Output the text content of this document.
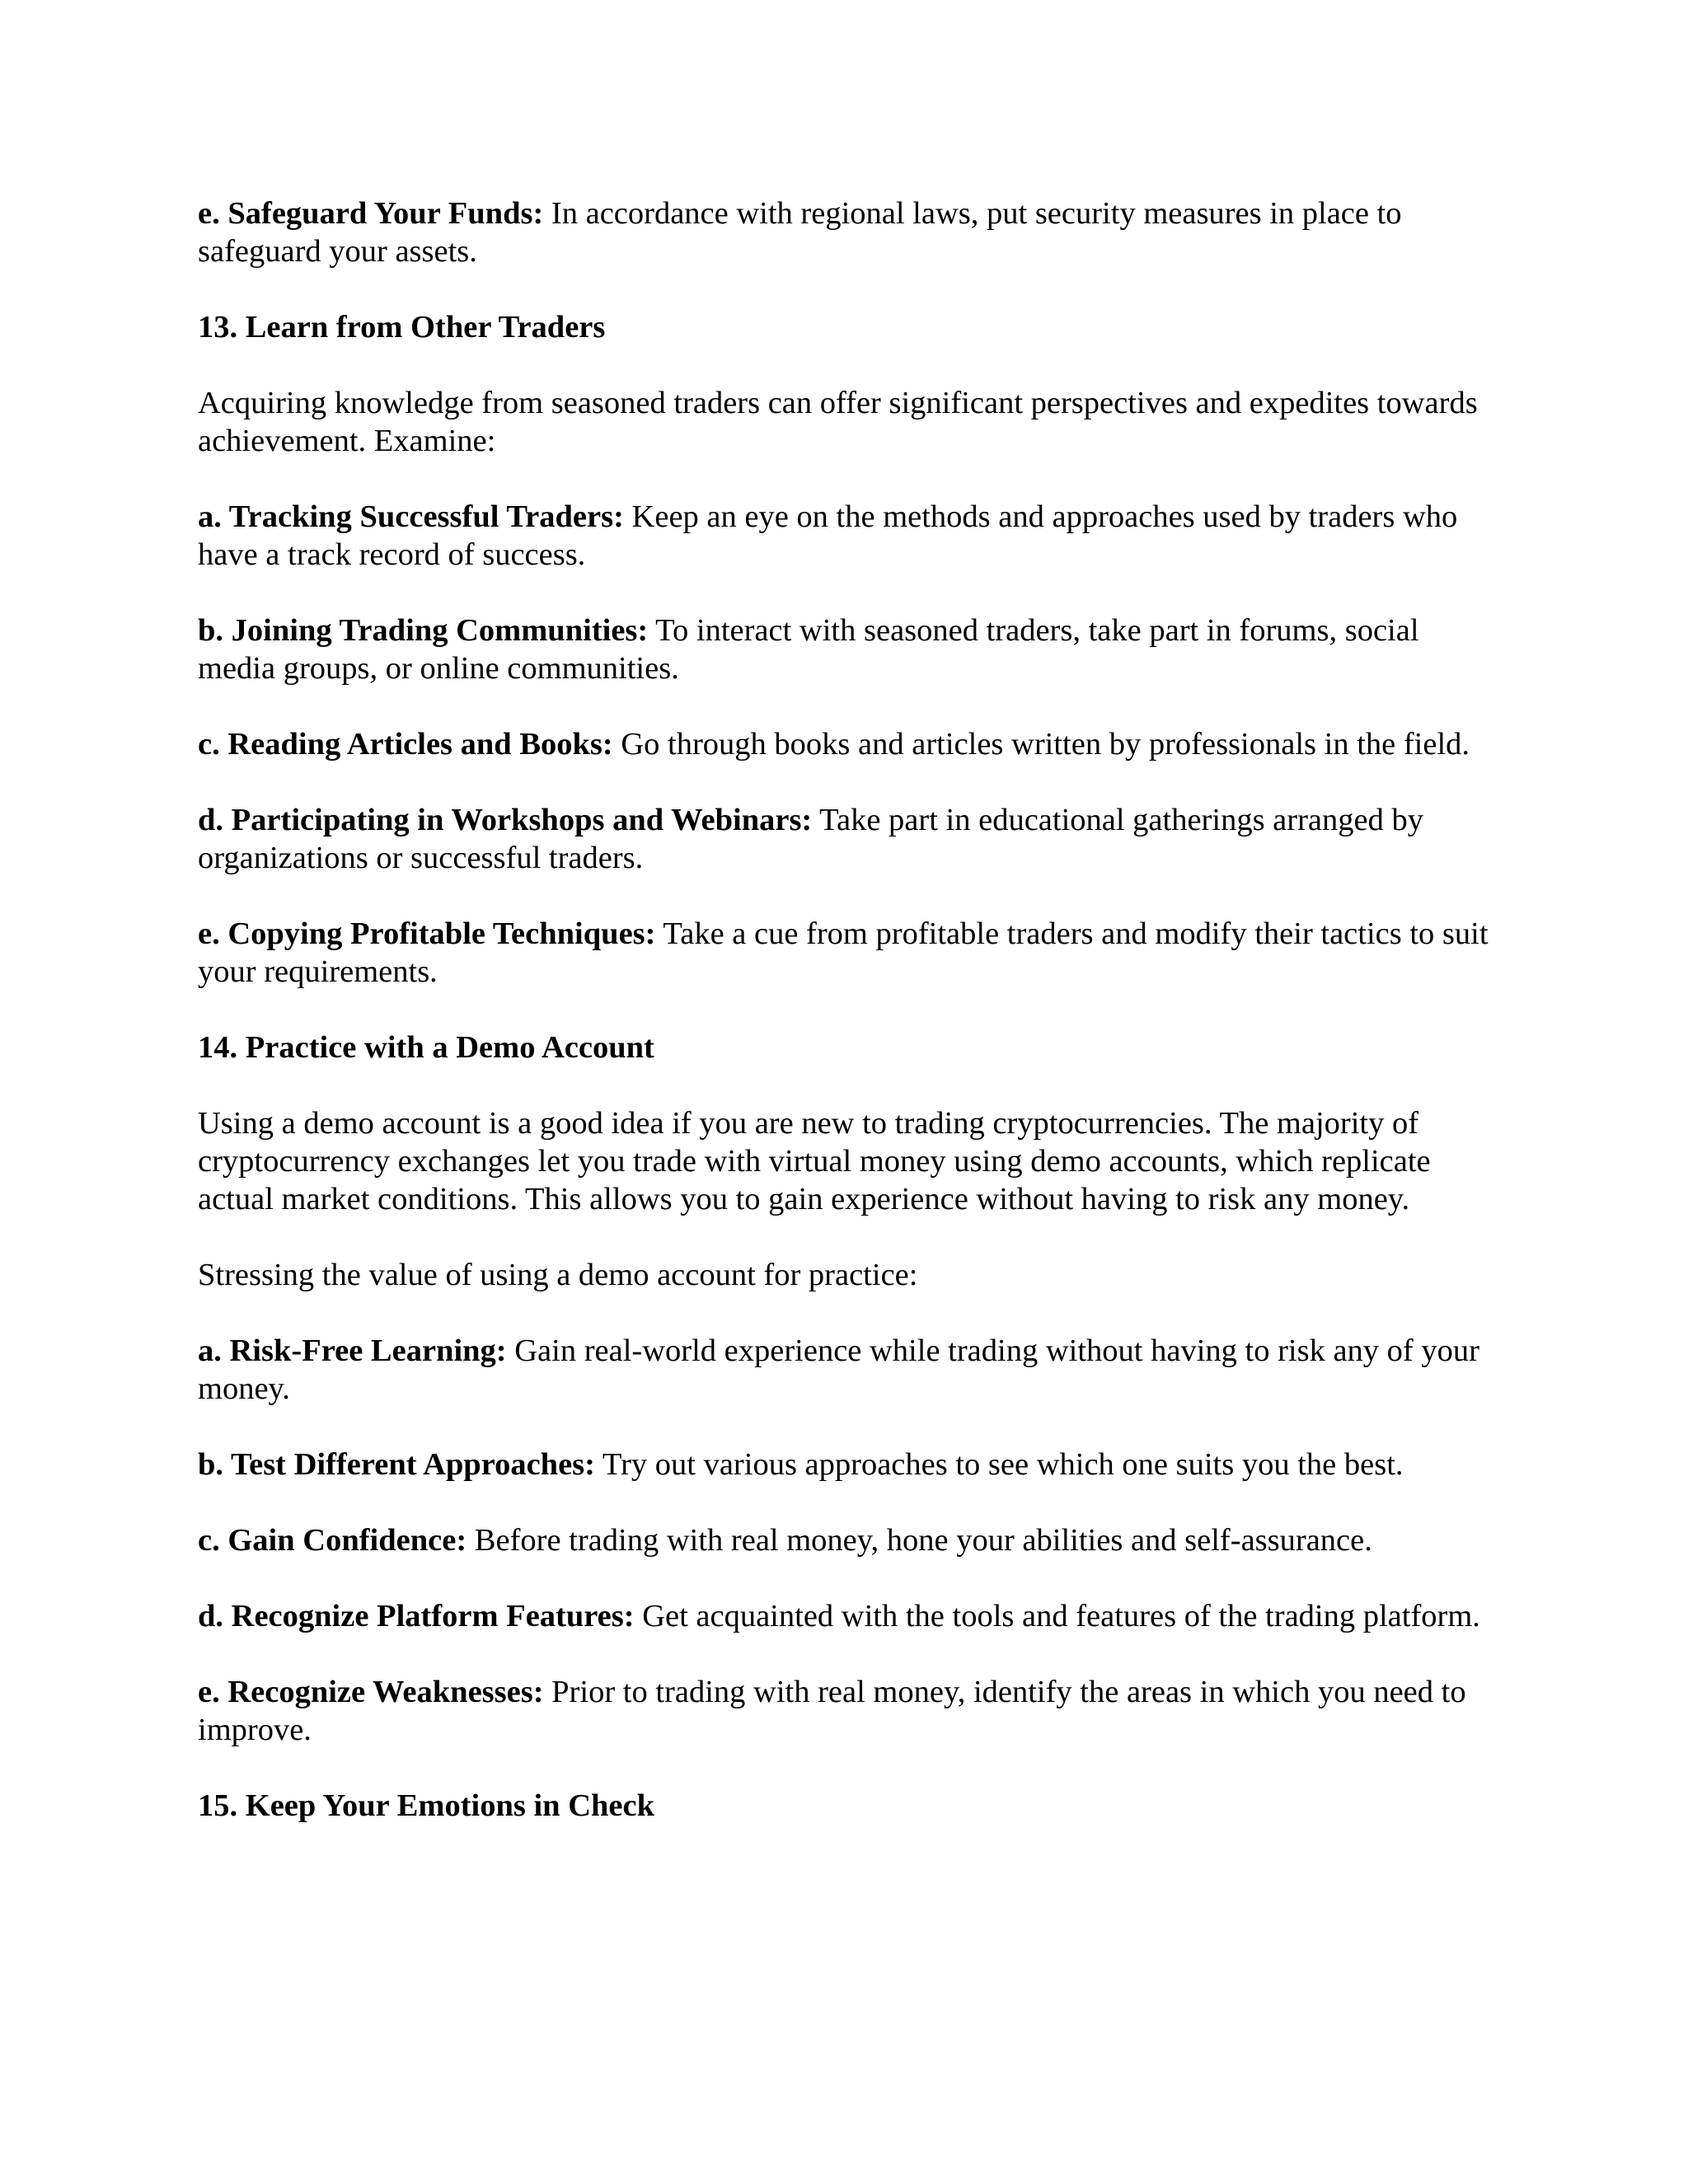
e. Safeguard Your Funds: In accordance with regional laws, put security measures in place to safeguard your assets.

13. Learn from Other Traders

Acquiring knowledge from seasoned traders can offer significant perspectives and expedites towards achievement. Examine:

a. Tracking Successful Traders: Keep an eye on the methods and approaches used by traders who have a track record of success.

b. Joining Trading Communities: To interact with seasoned traders, take part in forums, social media groups, or online communities.

c. Reading Articles and Books: Go through books and articles written by professionals in the field.

d. Participating in Workshops and Webinars: Take part in educational gatherings arranged by organizations or successful traders.

e. Copying Profitable Techniques: Take a cue from profitable traders and modify their tactics to suit your requirements.

14. Practice with a Demo Account

Using a demo account is a good idea if you are new to trading cryptocurrencies. The majority of cryptocurrency exchanges let you trade with virtual money using demo accounts, which replicate actual market conditions. This allows you to gain experience without having to risk any money.

Stressing the value of using a demo account for practice:

a. Risk-Free Learning: Gain real-world experience while trading without having to risk any of your money.

b. Test Different Approaches: Try out various approaches to see which one suits you the best.

c. Gain Confidence: Before trading with real money, hone your abilities and self-assurance.

d. Recognize Platform Features: Get acquainted with the tools and features of the trading platform.

e. Recognize Weaknesses: Prior to trading with real money, identify the areas in which you need to improve.

15. Keep Your Emotions in Check
